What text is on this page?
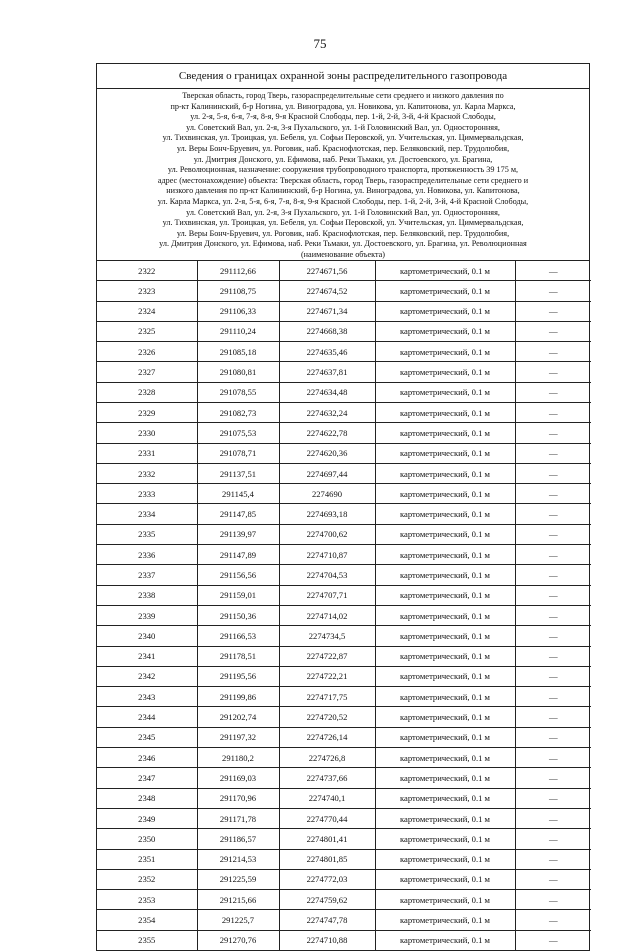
75
Сведения о границах охранной зоны распределительного газопровода
Тверская область, город Тверь, газораспределительные сети среднего и низкого давления по
пр-кт Калининский, б-р Ногина, ул. Виноградова, ул. Новикова, ул. Капитонова, ул. Карла Маркса,
ул. 2-я, 5-я, 6-я, 7-я, 8-я, 9-я Красной Слободы, пер. 1-й, 2-й, 3-й, 4-й Красной Слободы,
ул. Советский Вал, ул. 2-я, 3-я Пухальского, ул. 1-й Головинский Вал, ул. Односторонняя,
ул. Тихвинская, ул. Троицкая, ул. Бебеля, ул. Софьи Перовской, ул. Учительская, ул. Циммервальдская,
ул. Веры Бонч-Бруевич, ул. Роговик, наб. Краснофлотская, пер. Беляковский, пер. Трудолюбия,
ул. Дмитрия Донского, ул. Ефимова, наб. Реки Тьмаки, ул. Достоевского, ул. Брагина,
ул. Революционная, назначение: сооружения трубопроводного транспорта, протяженность 39 175 м,
адрес (местонахождение) объекта: Тверская область, город Тверь, газораспределительные сети среднего и
низкого давления по пр-кт Калининский, б-р Ногина, ул. Виноградова, ул. Новикова, ул. Капитонова,
ул. Карла Маркса, ул. 2-я, 5-я, 6-я, 7-я, 8-я, 9-я Красной Слободы, пер. 1-й, 2-й, 3-й, 4-й Красной Слободы,
ул. Советский Вал, ул. 2-я, 3-я Пухальского, ул. 1-й Головинский Вал, ул. Односторонняя,
ул. Тихвинская, ул. Троицкая, ул. Бебеля, ул. Софьи Перовской, ул. Учительская, ул. Циммервальдская,
ул. Веры Бонч-Бруевич, ул. Роговик, наб. Краснофлотская, пер. Беляковский, пер. Трудолюбия,
ул. Дмитрия Донского, ул. Ефимова, наб. Реки Тьмаки, ул. Достоевского, ул. Брагина, ул. Революционная
(наименование объекта)
2322	291112,66	2274671,56	картометрический, 0.1 м	—
2323	291108,75	2274674,52	картометрический, 0.1 м	—
2324	291106,33	2274671,34	картометрический, 0.1 м	—
2325	291110,24	2274668,38	картометрический, 0.1 м	—
2326	291085,18	2274635,46	картометрический, 0.1 м	—
2327	291080,81	2274637,81	картометрический, 0.1 м	—
2328	291078,55	2274634,48	картометрический, 0.1 м	—
2329	291082,73	2274632,24	картометрический, 0.1 м	—
2330	291075,53	2274622,78	картометрический, 0.1 м	—
2331	291078,71	2274620,36	картометрический, 0.1 м	—
2332	291137,51	2274697,44	картометрический, 0.1 м	—
2333	291145,4	2274690	картометрический, 0.1 м	—
2334	291147,85	2274693,18	картометрический, 0.1 м	—
2335	291139,97	2274700,62	картометрический, 0.1 м	—
2336	291147,89	2274710,87	картометрический, 0.1 м	—
2337	291156,56	2274704,53	картометрический, 0.1 м	—
2338	291159,01	2274707,71	картометрический, 0.1 м	—
2339	291150,36	2274714,02	картометрический, 0.1 м	—
2340	291166,53	2274734,5	картометрический, 0.1 м	—
2341	291178,51	2274722,87	картометрический, 0.1 м	—
2342	291195,56	2274722,21	картометрический, 0.1 м	—
2343	291199,86	2274717,75	картометрический, 0.1 м	—
2344	291202,74	2274720,52	картометрический, 0.1 м	—
2345	291197,32	2274726,14	картометрический, 0.1 м	—
2346	291180,2	2274726,8	картометрический, 0.1 м	—
2347	291169,03	2274737,66	картометрический, 0.1 м	—
2348	291170,96	2274740,1	картометрический, 0.1 м	—
2349	291171,78	2274770,44	картометрический, 0.1 м	—
2350	291186,57	2274801,41	картометрический, 0.1 м	—
2351	291214,53	2274801,85	картометрический, 0.1 м	—
2352	291225,59	2274772,03	картометрический, 0.1 м	—
2353	291215,66	2274759,62	картометрический, 0.1 м	—
2354	291225,7	2274747,78	картометрический, 0.1 м	—
2355	291270,76	2274710,88	картометрический, 0.1 м	—
